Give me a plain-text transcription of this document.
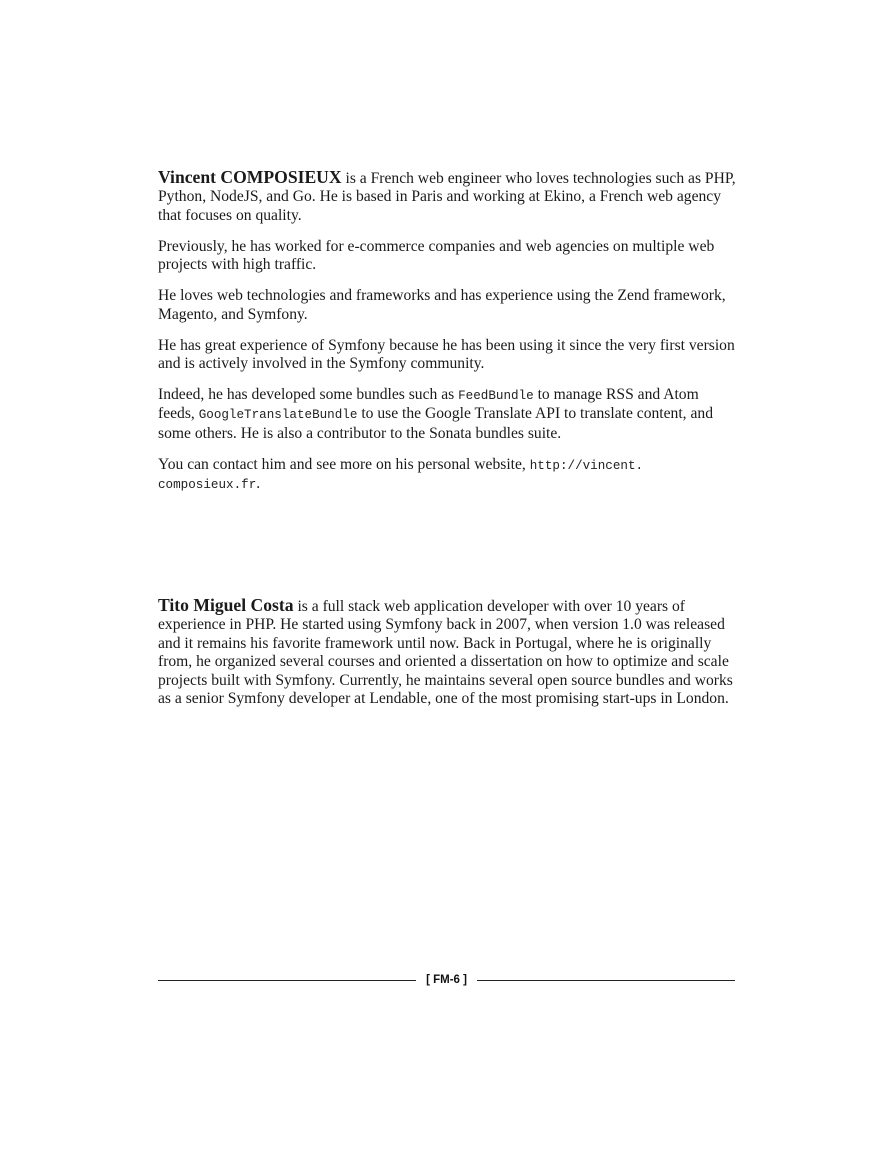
Vincent COMPOSIEUX is a French web engineer who loves technologies such as PHP, Python, NodeJS, and Go. He is based in Paris and working at Ekino, a French web agency that focuses on quality.

Previously, he has worked for e-commerce companies and web agencies on multiple web projects with high traffic.

He loves web technologies and frameworks and has experience using the Zend framework, Magento, and Symfony.

He has great experience of Symfony because he has been using it since the very first version and is actively involved in the Symfony community.

Indeed, he has developed some bundles such as FeedBundle to manage RSS and Atom feeds, GoogleTranslateBundle to use the Google Translate API to translate content, and some others. He is also a contributor to the Sonata bundles suite.

You can contact him and see more on his personal website, http://vincent.
composieux.fr.

Tito Miguel Costa is a full stack web application developer with over 10 years of experience in PHP. He started using Symfony back in 2007, when version 1.0 was released and it remains his favorite framework until now. Back in Portugal, where he is originally from, he organized several courses and oriented a dissertation on how to optimize and scale projects built with Symfony. Currently, he maintains several open source bundles and works as a senior Symfony developer at Lendable, one of the most promising start-ups in London.

[ FM-6 ]
